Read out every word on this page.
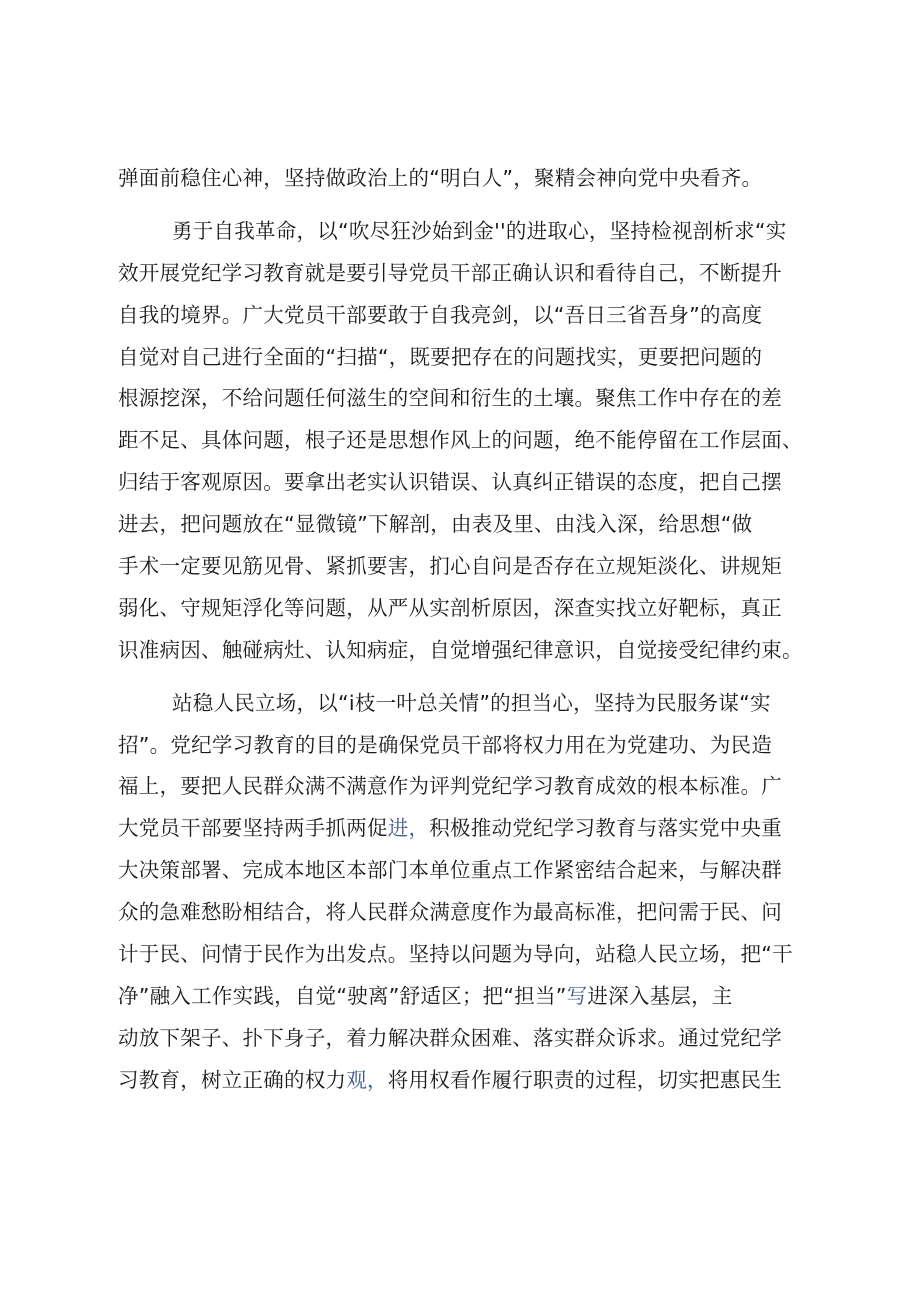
弹面前稳住心神，坚持做政治上的“明白人”，聚精会神向党中央看齐。
勇于自我革命，以“吹尽狂沙始到金''的进取心，坚持检视剖析求“实
效开展党纪学习教育就是要引导党员干部正确认识和看待自己，不断提升
自我的境界。广大党员干部要敢于自我亮剑，以“吾日三省吾身”的高度
自觉对自己进行全面的“扫描“，既要把存在的问题找实，更要把问题的
根源挖深，不给问题任何滋生的空间和衍生的土壤。聚焦工作中存在的差
距不足、具体问题，根子还是思想作风上的问题，绝不能停留在工作层面、
归结于客观原因。要拿出老实认识错误、认真纠正错误的态度，把自己摆
进去，把问题放在“显微镜”下解剖，由表及里、由浅入深，给思想“做
手术一定要见筋见骨、紧抓要害，扪心自问是否存在立规矩淡化、讲规矩
弱化、守规矩浮化等问题，从严从实剖析原因，深查实找立好靶标，真正
识准病因、触碰病灶、认知病症，自觉增强纪律意识，自觉接受纪律约束。
站稳人民立场，以“i枝一叶总关情”的担当心，坚持为民服务谋“实
招”。党纪学习教育的目的是确保党员干部将权力用在为党建功、为民造
福上，要把人民群众满不满意作为评判党纪学习教育成效的根本标准。广
大党员干部要坚持两手抓两促进，积极推动党纪学习教育与落实党中央重
大决策部署、完成本地区本部门本单位重点工作紧密结合起来，与解决群
众的急难愁盼相结合，将人民群众满意度作为最高标准，把问需于民、问
计于民、问情于民作为出发点。坚持以问题为导向，站稳人民立场，把“干
净”融入工作实践，自觉“驶离”舒适区；把“担当”写进深入基层，主
动放下架子、扑下身子，着力解决群众困难、落实群众诉求。通过党纪学
习教育，树立正确的权力观，将用权看作履行职责的过程，切实把惠民生
